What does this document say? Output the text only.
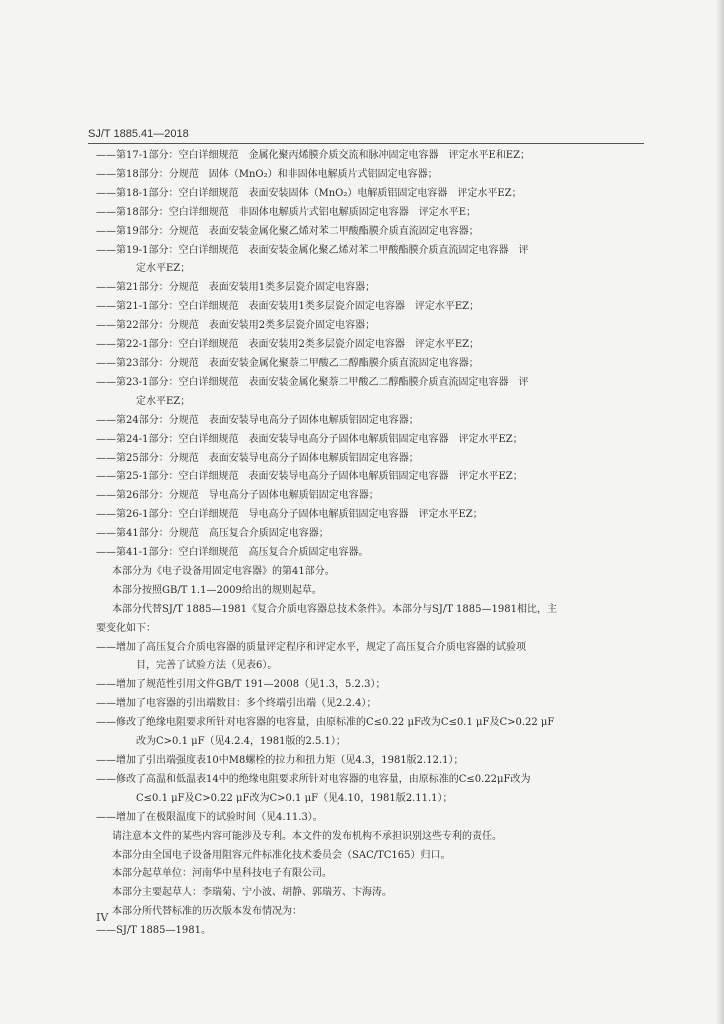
SJ/T 1885.41—2018
——第17-1部分：空白详细规范　金属化聚丙烯膜介质交流和脉冲固定电容器　评定水平E和EZ；
——第18部分：分规范　固体（MnO₂）和非固体电解质片式铝固定电容器；
——第18-1部分：空白详细规范　表面安装固体（MnO₂）电解质铝固定电容器　评定水平EZ；
——第18部分：空白详细规范　非固体电解质片式铝电解质固定电容器　评定水平E；
——第19部分：分规范　表面安装金属化聚乙烯对苯二甲酸酯膜介质直流固定电容器；
——第19-1部分：空白详细规范　表面安装金属化聚乙烯对苯二甲酸酯膜介质直流固定电容器　评
定水平EZ；
——第21部分：分规范　表面安装用1类多层瓷介固定电容器；
——第21-1部分：空白详细规范　表面安装用1类多层瓷介固定电容器　评定水平EZ；
——第22部分：分规范　表面安装用2类多层瓷介固定电容器；
——第22-1部分：空白详细规范　表面安装用2类多层瓷介固定电容器　评定水平EZ；
——第23部分：分规范　表面安装金属化聚萘二甲酸乙二醇酯膜介质直流固定电容器；
——第23-1部分：空白详细规范　表面安装金属化聚萘二甲酸乙二醇酯膜介质直流固定电容器　评
定水平EZ；
——第24部分：分规范　表面安装导电高分子固体电解质铝固定电容器；
——第24-1部分：空白详细规范　表面安装导电高分子固体电解质铝固定电容器　评定水平EZ；
——第25部分：分规范　表面安装导电高分子固体电解质铝固定电容器；
——第25-1部分：空白详细规范　表面安装导电高分子固体电解质铝固定电容器　评定水平EZ；
——第26部分：分规范　导电高分子固体电解质铝固定电容器；
——第26-1部分：空白详细规范　导电高分子固体电解质铝固定电容器　评定水平EZ；
——第41部分：分规范　高压复合介质固定电容器；
——第41-1部分：空白详细规范　高压复合介质固定电容器。
本部分为《电子设备用固定电容器》的第41部分。
本部分按照GB/T 1.1—2009给出的规则起草。
本部分代替SJ/T 1885—1981《复合介质电容器总技术条件》。本部分与SJ/T 1885—1981相比，主
要变化如下：
——增加了高压复合介质电容器的质量评定程序和评定水平，规定了高压复合介质电容器的试验项
目，完善了试验方法（见表6）。
——增加了规范性引用文件GB/T 191—2008（见1.3，5.2.3）；
——增加了电容器的引出端数目：多个终端引出端（见2.2.4）；
——修改了绝缘电阻要求所针对电容器的电容量，由原标准的C≤0.22 μF改为C≤0.1 μF及C>0.22 μF
改为C>0.1 μF（见4.2.4，1981版的2.5.1）；
——增加了引出端强度表10中M8螺栓的拉力和扭力矩（见4.3，1981版2.12.1）；
——修改了高温和低温表14中的绝缘电阻要求所针对电容器的电容量，由原标准的C≤0.22μF改为
C≤0.1 μF及C>0.22 μF改为C>0.1 μF（见4.10，1981版2.11.1）；
——增加了在极限温度下的试验时间（见4.11.3）。
请注意本文件的某些内容可能涉及专利。本文件的发布机构不承担识别这些专利的责任。
本部分由全国电子设备用阻容元件标准化技术委员会（SAC/TC165）归口。
本部分起草单位：河南华中星科技电子有限公司。
本部分主要起草人：李瑞菊、宁小波、胡静、郭瑞芳、卞海涛。
本部分所代替标准的历次版本发布情况为：
——SJ/T 1885—1981。
IV
